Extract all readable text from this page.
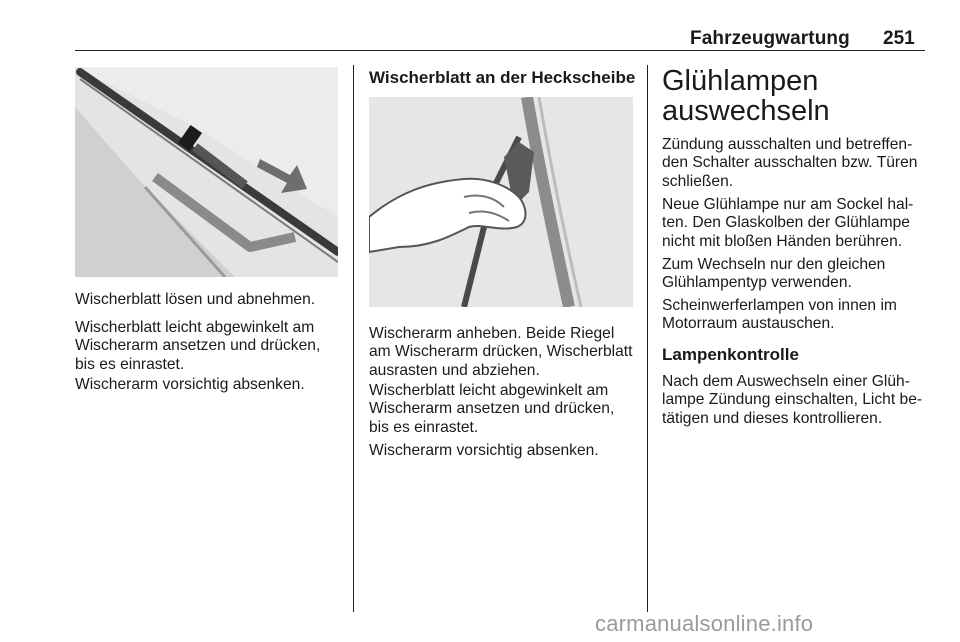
Fahrzeugwartung 251

Wischerblatt lösen und abnehmen.

Wischerblatt leicht abgewinkelt am Wischerarm ansetzen und drücken, bis es einrastet.

Wischerarm vorsichtig absenken.

Wischerblatt an der Heckscheibe

Wischerarm anheben. Beide Riegel am Wischerarm drücken, Wischerblatt ausrasten und abziehen.

Wischerblatt leicht abgewinkelt am Wischerarm ansetzen und drücken, bis es einrastet.

Wischerarm vorsichtig absenken.

Glühlampen auswechseln

Zündung ausschalten und betreffenden Schalter ausschalten bzw. Türen schließen.

Neue Glühlampe nur am Sockel halten. Den Glaskolben der Glühlampe nicht mit bloßen Händen berühren.

Zum Wechseln nur den gleichen Glühlampentyp verwenden.

Scheinwerferlampen von innen im Motorraum austauschen.

Lampenkontrolle

Nach dem Auswechseln einer Glühlampe Zündung einschalten, Licht betätigen und dieses kontrollieren.

carmanualsonline.info
